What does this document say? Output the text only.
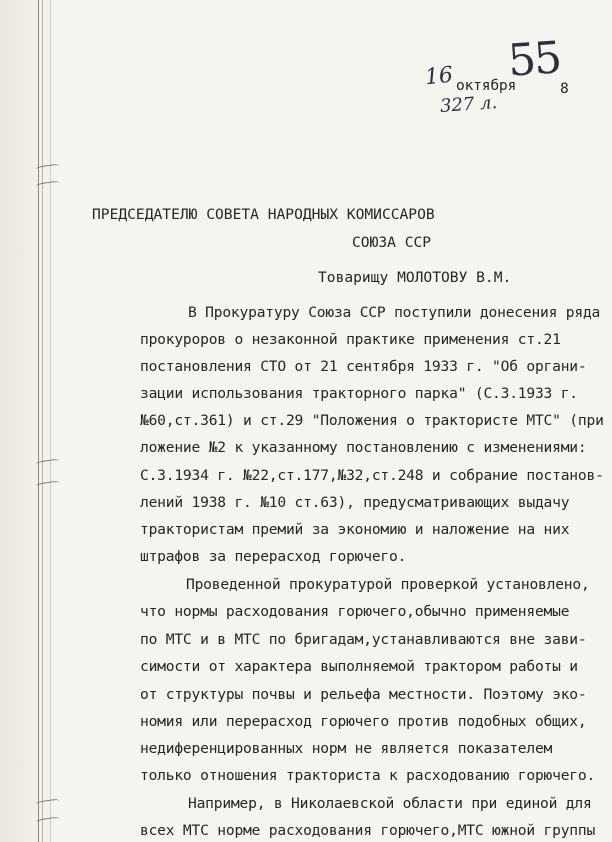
16 октября
55
8
327 л.
ПРЕДСЕДАТЕЛЮ СОВЕТА НАРОДНЫХ КОМИССАРОВ
СОЮЗА ССР
Товарищу МОЛОТОВУ В.М.
В Прокуратуру Союза ССР поступили донесения ряда
прокуроров о незаконной практике применения ст.21
постановления СТО от 21 сентября 1933 г. "Об органи-
зации использования тракторного парка" (С.З.1933 г.
№60,ст.361) и ст.29 "Положения о трактористе МТС" (при
ложение №2 к указанному постановлению с изменениями:
С.З.1934 г. №22,ст.177,№32,ст.248 и собрание постанов-
лений 1938 г. №10 ст.63), предусматривающих выдачу
трактористам премий за экономию и наложение на них
штрафов за перерасход горючего.
Проведенной прокуратурой проверкой установлено,
что нормы расходования горючего,обычно применяемые
по МТС и в МТС по бригадам,устанавливаются вне зави-
симости от характера выполняемой трактором работы и
от структуры почвы и рельефа местности. Поэтому эко-
номия или перерасход горючего против подобных общих,
недиференцированных норм не является показателем
только отношения тракториста к расходованию горючего.
Например, в Николаевской области при единой для
всех МТС норме расходования горючего,МТС южной группы
